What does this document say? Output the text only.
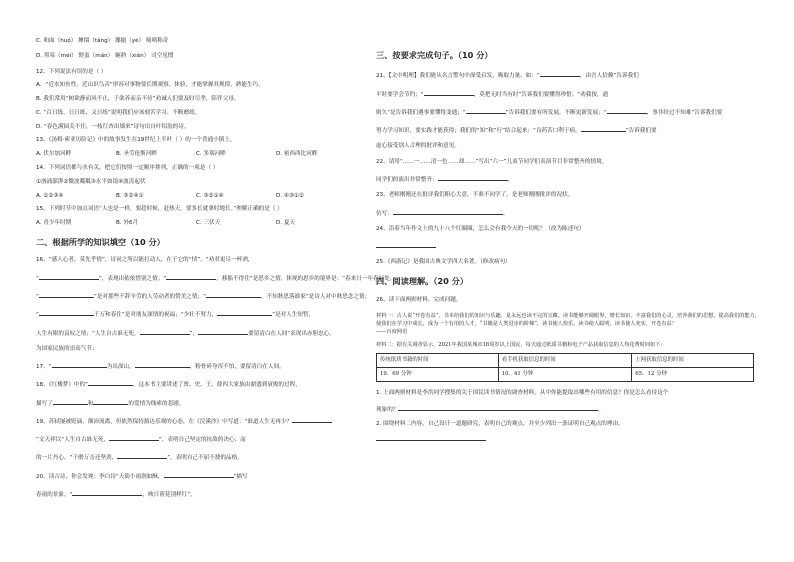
C. 和面（huó） 撺掇（táng） 揶揄（yé） 啧啧称奇
D. 黑莓（méi） 野蛮（mán） 娴熟（xián） 司空见惯
12、下列说法有误的是（ ）
A．“近水知鱼性，近山识鸟音”形容对事物要长期观察、体验，才能掌握其规律、熟能生巧。
B. 我们常用“树欲静而风不止，子欲养而亲不待”劝诫人们要及时尽孝，陪伴父母。
C. “百日练，日日练，又日练”说明我们应该刻苦学习、不断磨练。
D. “春色满园关不住，一枝红杏出墙来”诗句出自叶绍翁的诗。
13、《汤姆·索亚历险记》中的故事发生在19世纪上半叶（ ）的一个普通小镇上。
A. 伏尔加河畔	B. 圣劳伦斯河畔	C. 多瑙河畔	D. 密西西比河畔
14、下列词语都与水有关，把它们按照一定顺序排列，正确的一项是（ ）
①汹涌澎湃②微波粼粼③水平如镜④波涛起伏
A. ①②③④	B. ③②④①	C. ③②①④	D. ④③①②
15、下列时节中加点词语“人也是一样，要趁时候，赶热天，要多长就拿时地长。”理解正确的是（ ）
A. 青少年时期	B. 外6月	C. 三伏天	D. 夏天
二、根据所学的知识填空（10 分）
16、“感人心者，莫先乎情”，诗词之所以能打动人，在于它的“情”，“劝君更尽一杯酒，
“	”，表现出依依惜别之情；“	，移船不得住”是思乡之情，体现的思乡的境界是：“春来日一年春好处，
“	”是对那些不辞辛劳的人劳动者的赞美之情；“	，不知秋思落谁家”是诗人对中秋思念之情；
“	千万和春住”是对朋友深情的祝福；“少壮不努力，	”是对人生短暂，
人生有限的哀叹之情；“人生自古谁无死，	”，	要留清白在人间”表现出赤胆忠心、
为国家民族的崇高气节；
17、“	为出深山，	，粉骨碎身浑不怕，要留清白在人间。
18、《红楼梦》中的“	，这本书主要讲述了贾、史、王、薛四大家族由鼎盛到衰败的过程，
描写了	和	的爱情为线索的悲剧。
19、苏轼屡被贬谪、颠沛流离，但依然保持豁达乐观的心态，在《浣溪沙》中写道：“谁道人生无再少？
”文天祥以“人生自古谁无死，	”，表明自己坚定的抗敌的决心；而
的一片丹心，“千磨万击还坚劲，	”，表明自己不屈不挠的品格。
20、读古诗，你会发现：李白诗“天街小雨润如酥，	”描写
春雨的景象。“	，映日荷花别样红”。
三、按要求完成句子。（10 分）
21、【文中明理】我们能从名言警句中深受启发，吸取力量，如：“	，由吾人信赖”告诉我们
平时要学会节约；“	，莫把无时当有时”告诉我们要懂得珍惜；“劝我按，通
则久”是告诉我们遇事要懂得变通；“	”告诉我们要有所发展，不断更新发展；“	，事非经过不知难”告诉我们要
努力学习知识，要实践才能获得；我们的“知”和“行”结合起来：“良药苦口利于病，	”告诉我们要
虚心接受别人合理的批评和意见。
22、请用“……一……清一色……却……”写出“六一”儿童节同学们表演节目非常整齐的情境。
同学们的演出非常整齐：	。
23、老师刚刚还在批评我们粗心大意，不准不同学了，是老师刚刚批评的况状。
仿写：	。
24、沿着当年作文上的九十八个红圈圈，怎么会有我今天的一切呢？（改为陈述句）
25.《西游记》是我国古典文学四大名著。（修改病句）
四、阅读理解。（20 分）
26、读下面两则材料，完成问题。
材料一：古人说“开卷有益”，书本给我们的知识与乐趣，是永远也读不完的宝藏。读书能够开阔眼界，增长知识，丰富我们的心灵，培养我们的思想，提高我们的能力，使我们在学习中成长，成为一个有用的人才。“书籍是人类进步的阶梯”，读书使人快乐，读书使人聪明，读书使人充实，开卷有益！
——百度网语
材料二：据有关调查显示，2021年我国某城市18周岁以上国民，每天通过纸质书籍和电子产品获取信息的人均花费时间如下：
传统纸质书籍的时间	看手机获取信息的时间	上网获取信息的时间
19．69 分钟	10．41 分钟	65．12 分钟
1. 上面两则材料是李洪同学搜集的关于国民读书情况的调查材料，从中你能提取出哪些有用的信息？你是怎么看待这个
现象的？	。
2. 围绕材料二内容，自己设计一道题研究，表明自己的观点，并至少列出一条证明自己观点的理由。
